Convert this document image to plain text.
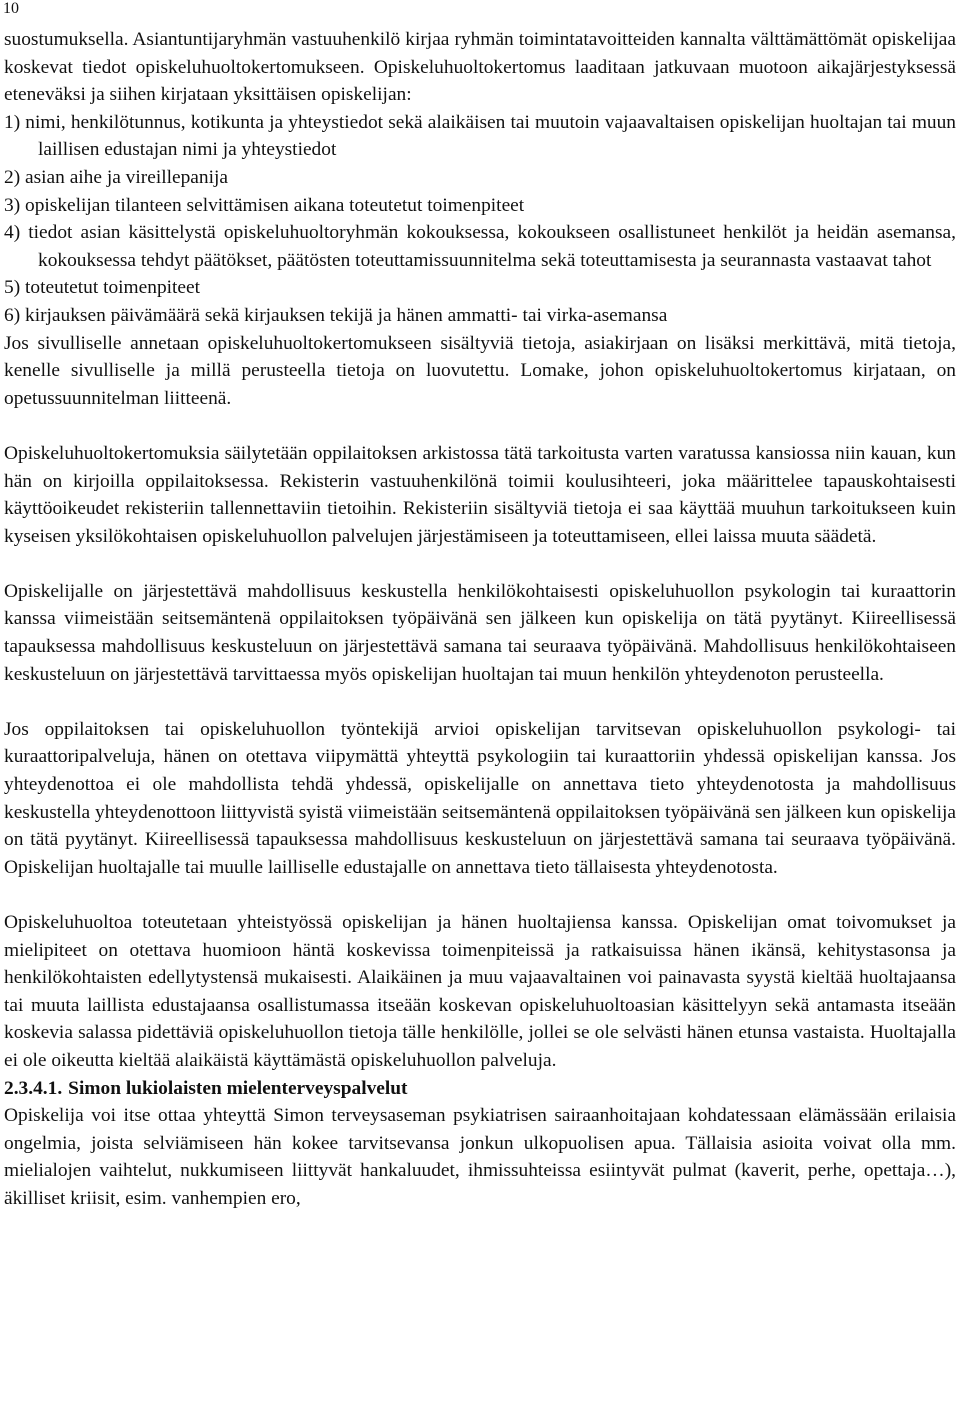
10

suostumuksella. Asiantuntijaryhmän vastuuhenkilö kirjaa ryhmän toimintatavoitteiden kannalta välttämättömät opiskelijaa koskevat tiedot opiskeluhuoltokertomukseen. Opiskeluhuoltokertomus laaditaan jatkuvaan muotoon aikajärjestyksessä eteneväksi ja siihen kirjataan yksittäisen opiskelijan:

1) nimi, henkilötunnus, kotikunta ja yhteystiedot sekä alaikäisen tai muutoin vajaavaltaisen opiskelijan huoltajan tai muun laillisen edustajan nimi ja yhteystiedot

2) asian aihe ja vireillepanija

3) opiskelijan tilanteen selvittämisen aikana toteutetut toimenpiteet

4) tiedot asian käsittelystä opiskeluhuoltoryhmän kokouksessa, kokoukseen osallistuneet henkilöt ja heidän asemansa, kokouksessa tehdyt päätökset, päätösten toteuttamissuunnitelma sekä toteuttamisesta ja seurannasta vastaavat tahot

5) toteutetut toimenpiteet

6) kirjauksen päivämäärä sekä kirjauksen tekijä ja hänen ammatti- tai virka-asemansa

Jos sivulliselle annetaan opiskeluhuoltokertomukseen sisältyviä tietoja, asiakirjaan on lisäksi merkittävä, mitä tietoja, kenelle sivulliselle ja millä perusteella tietoja on luovutettu. Lomake, johon opiskeluhuoltokertomus kirjataan, on opetussuunnitelman liitteenä.

Opiskeluhuoltokertomuksia säilytetään oppilaitoksen arkistossa tätä tarkoitusta varten varatussa kansiossa niin kauan, kun hän on kirjoilla oppilaitoksessa. Rekisterin vastuuhenkilönä toimii koulusihteeri, joka määrittelee tapauskohtaisesti käyttöoikeudet rekisteriin tallennettaviin tietoihin. Rekisteriin sisältyviä tietoja ei saa käyttää muuhun tarkoitukseen kuin kyseisen yksilökohtaisen opiskeluhuollon palvelujen järjestämiseen ja toteuttamiseen, ellei laissa muuta säädetä.

Opiskelijalle on järjestettävä mahdollisuus keskustella henkilökohtaisesti opiskeluhuollon psykologin tai kuraattorin kanssa viimeistään seitsemäntenä oppilaitoksen työpäivänä sen jälkeen kun opiskelija on tätä pyytänyt. Kiireellisessä tapauksessa mahdollisuus keskusteluun on järjestettävä samana tai seuraava työpäivänä. Mahdollisuus henkilökohtaiseen keskusteluun on järjestettävä tarvittaessa myös opiskelijan huoltajan tai muun henkilön yhteydenoton perusteella.

Jos oppilaitoksen tai opiskeluhuollon työntekijä arvioi opiskelijan tarvitsevan opiskeluhuollon psykologi- tai kuraattoripalveluja, hänen on otettava viipymättä yhteyttä psykologiin tai kuraattoriin yhdessä opiskelijan kanssa. Jos yhteydenottoa ei ole mahdollista tehdä yhdessä, opiskelijalle on annettava tieto yhteydenotosta ja mahdollisuus keskustella yhteydenottoon liittyvistä syistä viimeistään seitsemäntenä oppilaitoksen työpäivänä sen jälkeen kun opiskelija on tätä pyytänyt. Kiireellisessä tapauksessa mahdollisuus keskusteluun on järjestettävä samana tai seuraava työpäivänä. Opiskelijan huoltajalle tai muulle lailliselle edustajalle on annettava tieto tällaisesta yhteydenotosta.

Opiskeluhuoltoa toteutetaan yhteistyössä opiskelijan ja hänen huoltajiensa kanssa. Opiskelijan omat toivomukset ja mielipiteet on otettava huomioon häntä koskevissa toimenpiteissä ja ratkaisuissa hänen ikänsä, kehitystasonsa ja henkilökohtaisten edellytystensä mukaisesti. Alaikäinen ja muu vajaavaltainen voi painavasta syystä kieltää huoltajaansa tai muuta laillista edustajaansa osallistumassa itseään koskevan opiskeluhuoltoasian käsittelyyn sekä antamasta itseään koskevia salassa pidettäviä opiskeluhuollon tietoja tälle henkilölle, jollei se ole selvästi hänen etunsa vastaista. Huoltajalla ei ole oikeutta kieltää alaikäistä käyttämästä opiskeluhuollon palveluja.

2.3.4.1. Simon lukiolaisten mielenterveyspalvelut

Opiskelija voi itse ottaa yhteyttä Simon terveysaseman psykiatrisen sairaanhoitajaan kohdatessaan elämässään erilaisia ongelmia, joista selviämiseen hän kokee tarvitsevansa jonkun ulkopuolisen apua. Tällaisia asioita voivat olla mm. mielialojen vaihtelut, nukkumiseen liittyvät hankaluudet, ihmissuhteissa esiintyvät pulmat (kaverit, perhe, opettaja…), äkilliset kriisit, esim. vanhempien ero,
